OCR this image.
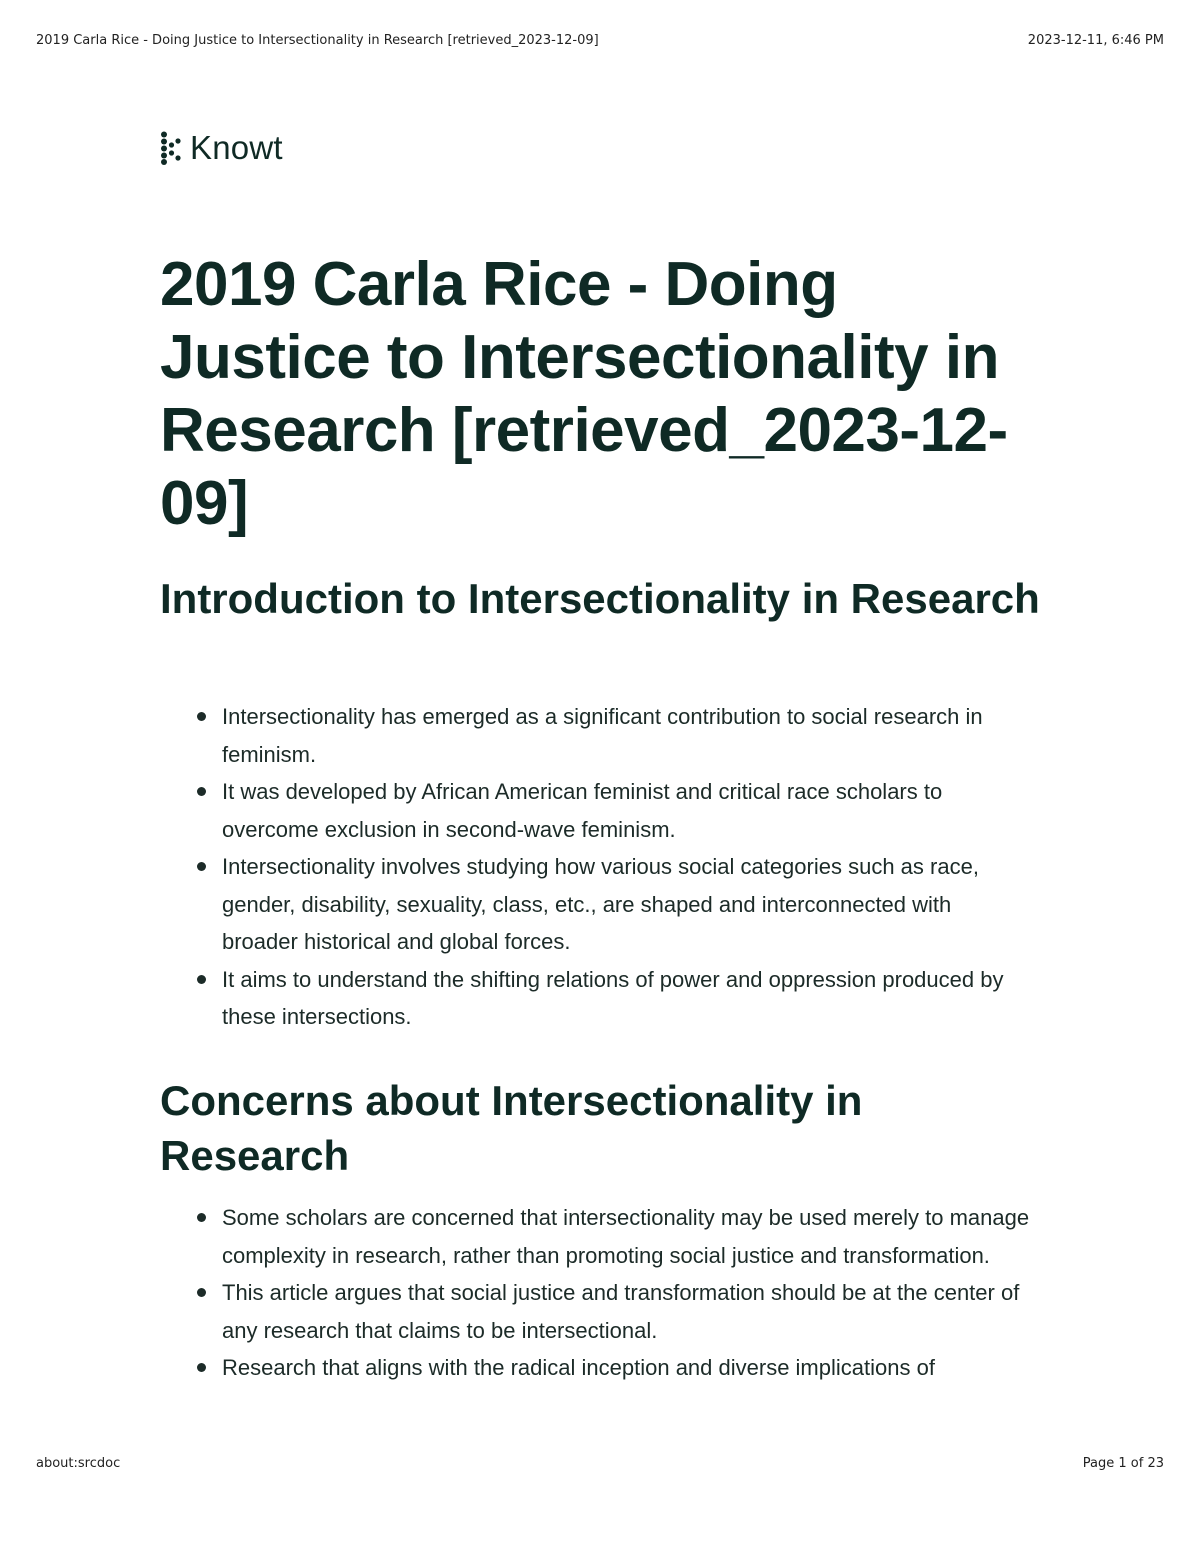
2019 Carla Rice - Doing Justice to Intersectionality in Research [retrieved_2023-12-09]	2023-12-11, 6:46 PM
Knowt
2019 Carla Rice - Doing Justice to Intersectionality in Research [retrieved_2023-12-09]
Introduction to Intersectionality in Research
Intersectionality has emerged as a significant contribution to social research in feminism.
It was developed by African American feminist and critical race scholars to overcome exclusion in second-wave feminism.
Intersectionality involves studying how various social categories such as race, gender, disability, sexuality, class, etc., are shaped and interconnected with broader historical and global forces.
It aims to understand the shifting relations of power and oppression produced by these intersections.
Concerns about Intersectionality in Research
Some scholars are concerned that intersectionality may be used merely to manage complexity in research, rather than promoting social justice and transformation.
This article argues that social justice and transformation should be at the center of any research that claims to be intersectional.
Research that aligns with the radical inception and diverse implications of
about:srcdoc	Page 1 of 23
